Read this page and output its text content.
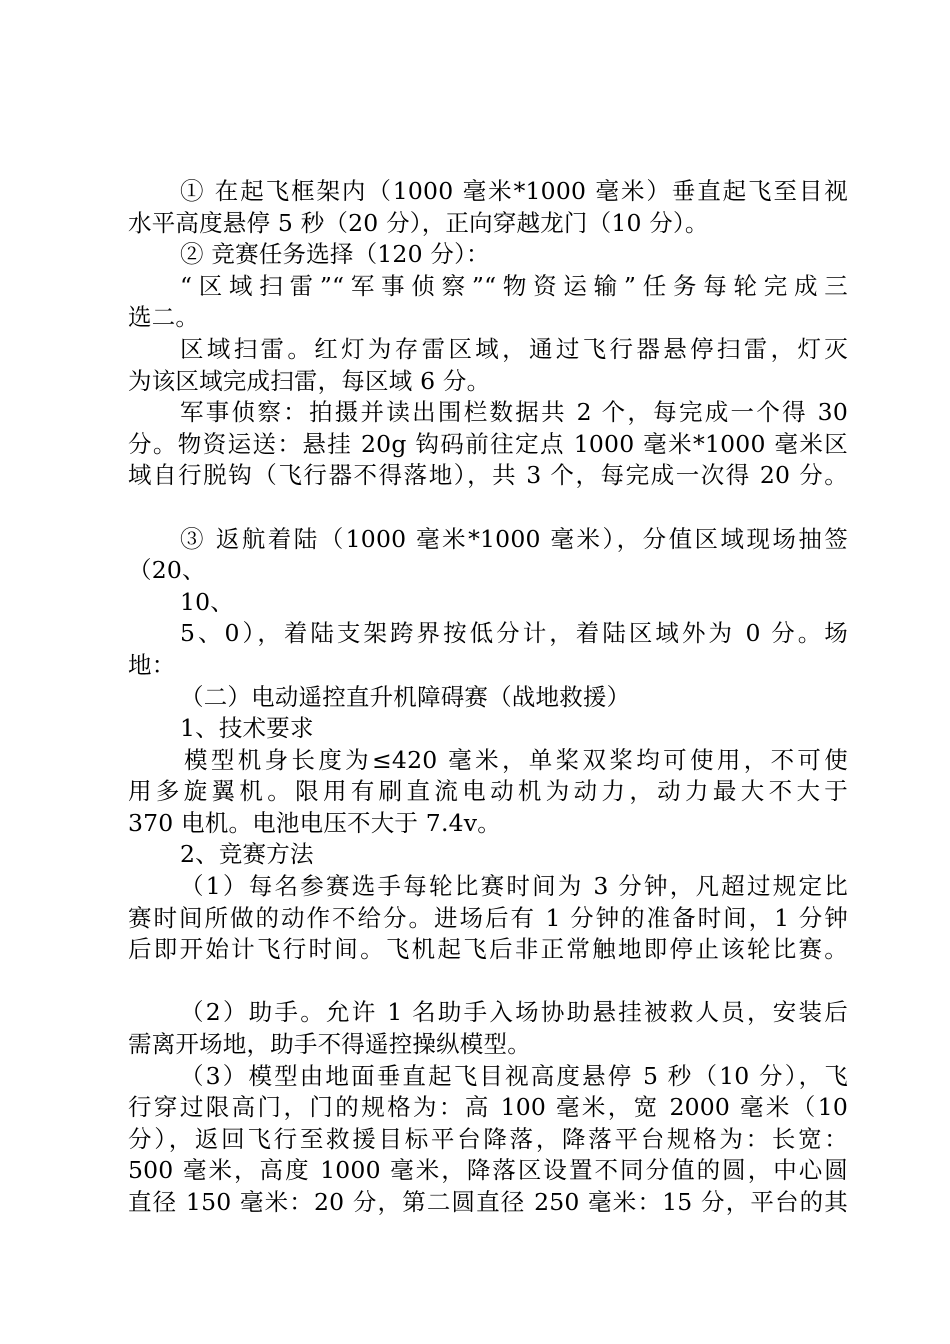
① 在起飞框架内（1000 毫米*1000 毫米）垂直起飞至目视
水平高度悬停 5 秒（20 分），正向穿越龙门（10 分）。
② 竞赛任务选择（120 分）：
“区域扫雷”“军事侦察”“物资运输”任务每轮完成三
选二。
区域扫雷。红灯为存雷区域，通过飞行器悬停扫雷，灯灭
为该区域完成扫雷，每区域 6 分。
军事侦察：拍摄并读出围栏数据共 2 个，每完成一个得 30
分。物资运送：悬挂 20g 钩码前往定点 1000 毫米*1000 毫米区
域自行脱钩（飞行器不得落地），共 3 个，每完成一次得 20 分。
③ 返航着陆（1000 毫米*1000 毫米），分值区域现场抽签
（20、
10、
5、0），着陆支架跨界按低分计，着陆区域外为 0 分。场
地：
（二）电动遥控直升机障碍赛（战地救援）
1、技术要求
模型机身长度为≤420 毫米，单桨双桨均可使用，不可使
用多旋翼机。限用有刷直流电动机为动力，动力最大不大于
370 电机。电池电压不大于 7.4v。
2、竞赛方法
（1）每名参赛选手每轮比赛时间为 3 分钟，凡超过规定比
赛时间所做的动作不给分。进场后有 1 分钟的准备时间，1 分钟
后即开始计飞行时间。飞机起飞后非正常触地即停止该轮比赛。
（2）助手。允许 1 名助手入场协助悬挂被救人员，安装后
需离开场地，助手不得遥控操纵模型。
（3）模型由地面垂直起飞目视高度悬停 5 秒（10 分），飞
行穿过限高门，门的规格为：高 100 毫米，宽 2000 毫米（10
分），返回飞行至救援目标平台降落，降落平台规格为：长宽：
500 毫米，高度 1000 毫米，降落区设置不同分值的圆，中心圆
直径 150 毫米：20 分，第二圆直径 250 毫米：15 分，平台的其
